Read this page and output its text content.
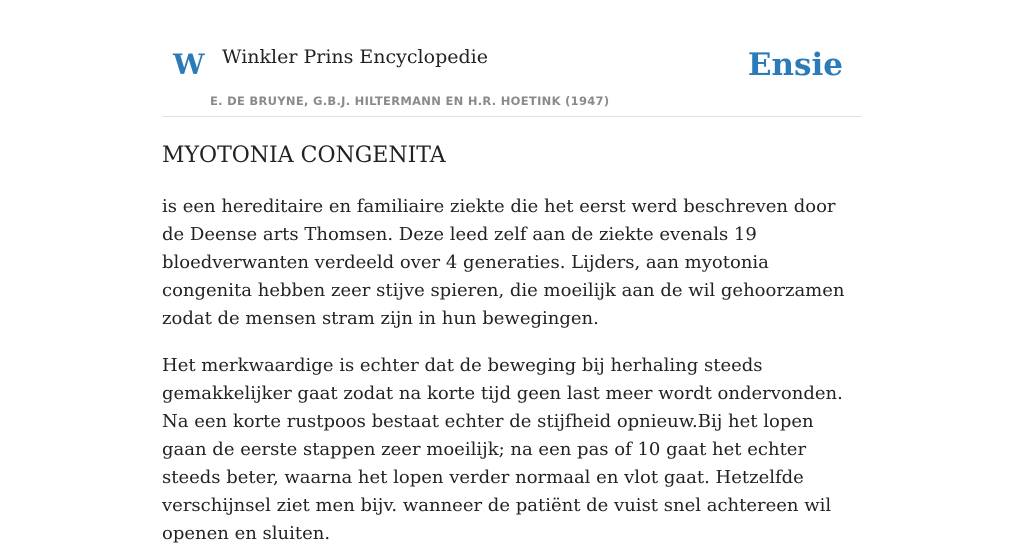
W Winkler Prins Encyclopedie
E. DE BRUYNE, G.B.J. HILTERMANN EN H.R. HOETINK (1947)
Ensie
MYOTONIA CONGENITA

is een hereditaire en familiaire ziekte die het eerst werd beschreven door de Deense arts Thomsen. Deze leed zelf aan de ziekte evenals 19 bloedverwanten verdeeld over 4 generaties. Lijders, aan myotonia congenita hebben zeer stijve spieren, die moeilijk aan de wil gehoorzamen zodat de mensen stram zijn in hun bewegingen.

Het merkwaardige is echter dat de beweging bij herhaling steeds gemakkelijker gaat zodat na korte tijd geen last meer wordt ondervonden. Na een korte rustpoos bestaat echter de stijfheid opnieuw.Bij het lopen gaan de eerste stappen zeer moeilijk; na een pas of 10 gaat het echter steeds beter, waarna het lopen verder normaal en vlot gaat. Hetzelfde verschijnsel ziet men bijv. wanneer de patiënt de vuist snel achtereen wil openen en sluiten.
